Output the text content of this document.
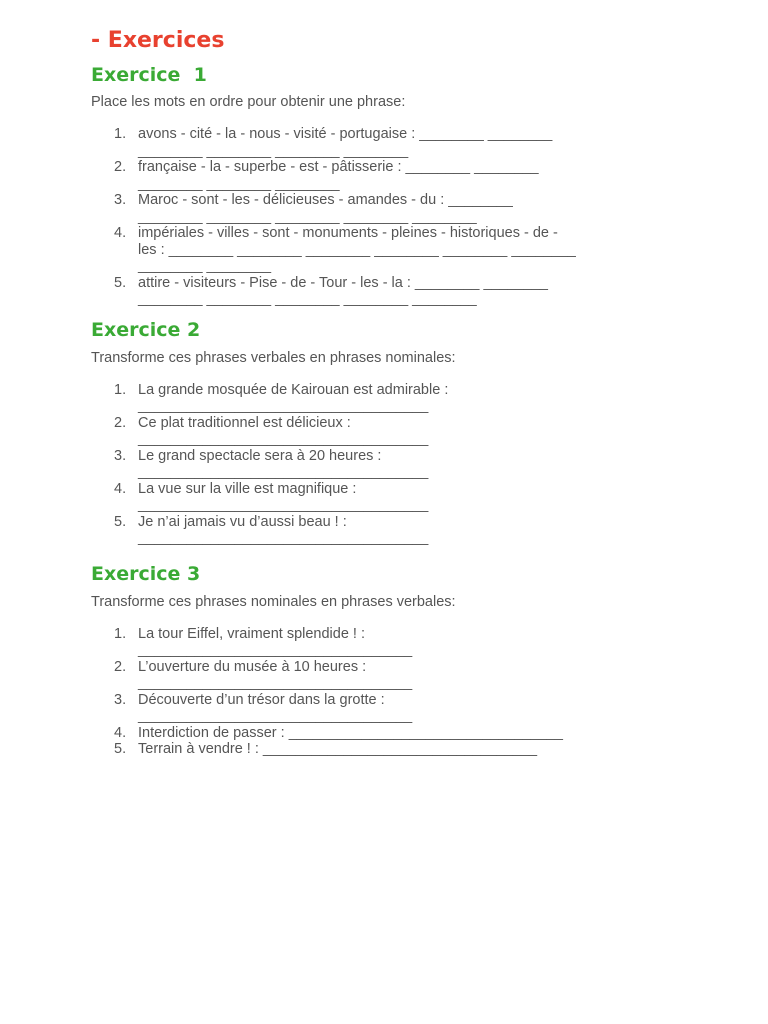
- Exercices
Exercice  1

Place les mots en ordre pour obtenir une phrase:

1. avons - cité - la - nous - visité - portugaise : ________ ________ ________ ________ ________ ________
2. française - la - superbe - est - pâtisserie : ________ ________ ________ ________ ________
3. Maroc - sont - les - délicieuses - amandes - du : ________ ________ ________ ________ ________ ________
4. impériales - villes - sont - monuments - pleines - historiques - de - les : ________ ________ ________ ________ ________ ________ ________ ________
5. attire - visiteurs - Pise - de - Tour - les - la : ________ ________ ________ ________ ________ ________ ________
Exercice 2

Transforme ces phrases verbales en phrases nominales:

1. La grande mosquée de Kairouan est admirable : ____________________________________
2. Ce plat traditionnel est délicieux : ____________________________________
3. Le grand spectacle sera à 20 heures : ____________________________________
4. La vue sur la ville est magnifique : ____________________________________
5. Je n’ai jamais vu d’aussi beau ! : ____________________________________
Exercice 3

Transforme ces phrases nominales en phrases verbales:

1. La tour Eiffel, vraiment splendide ! : __________________________________
2. L’ouverture du musée à 10 heures : __________________________________
3. Découverte d’un trésor dans la grotte : __________________________________
4. Interdiction de passer : __________________________________
5. Terrain à vendre ! : __________________________________
